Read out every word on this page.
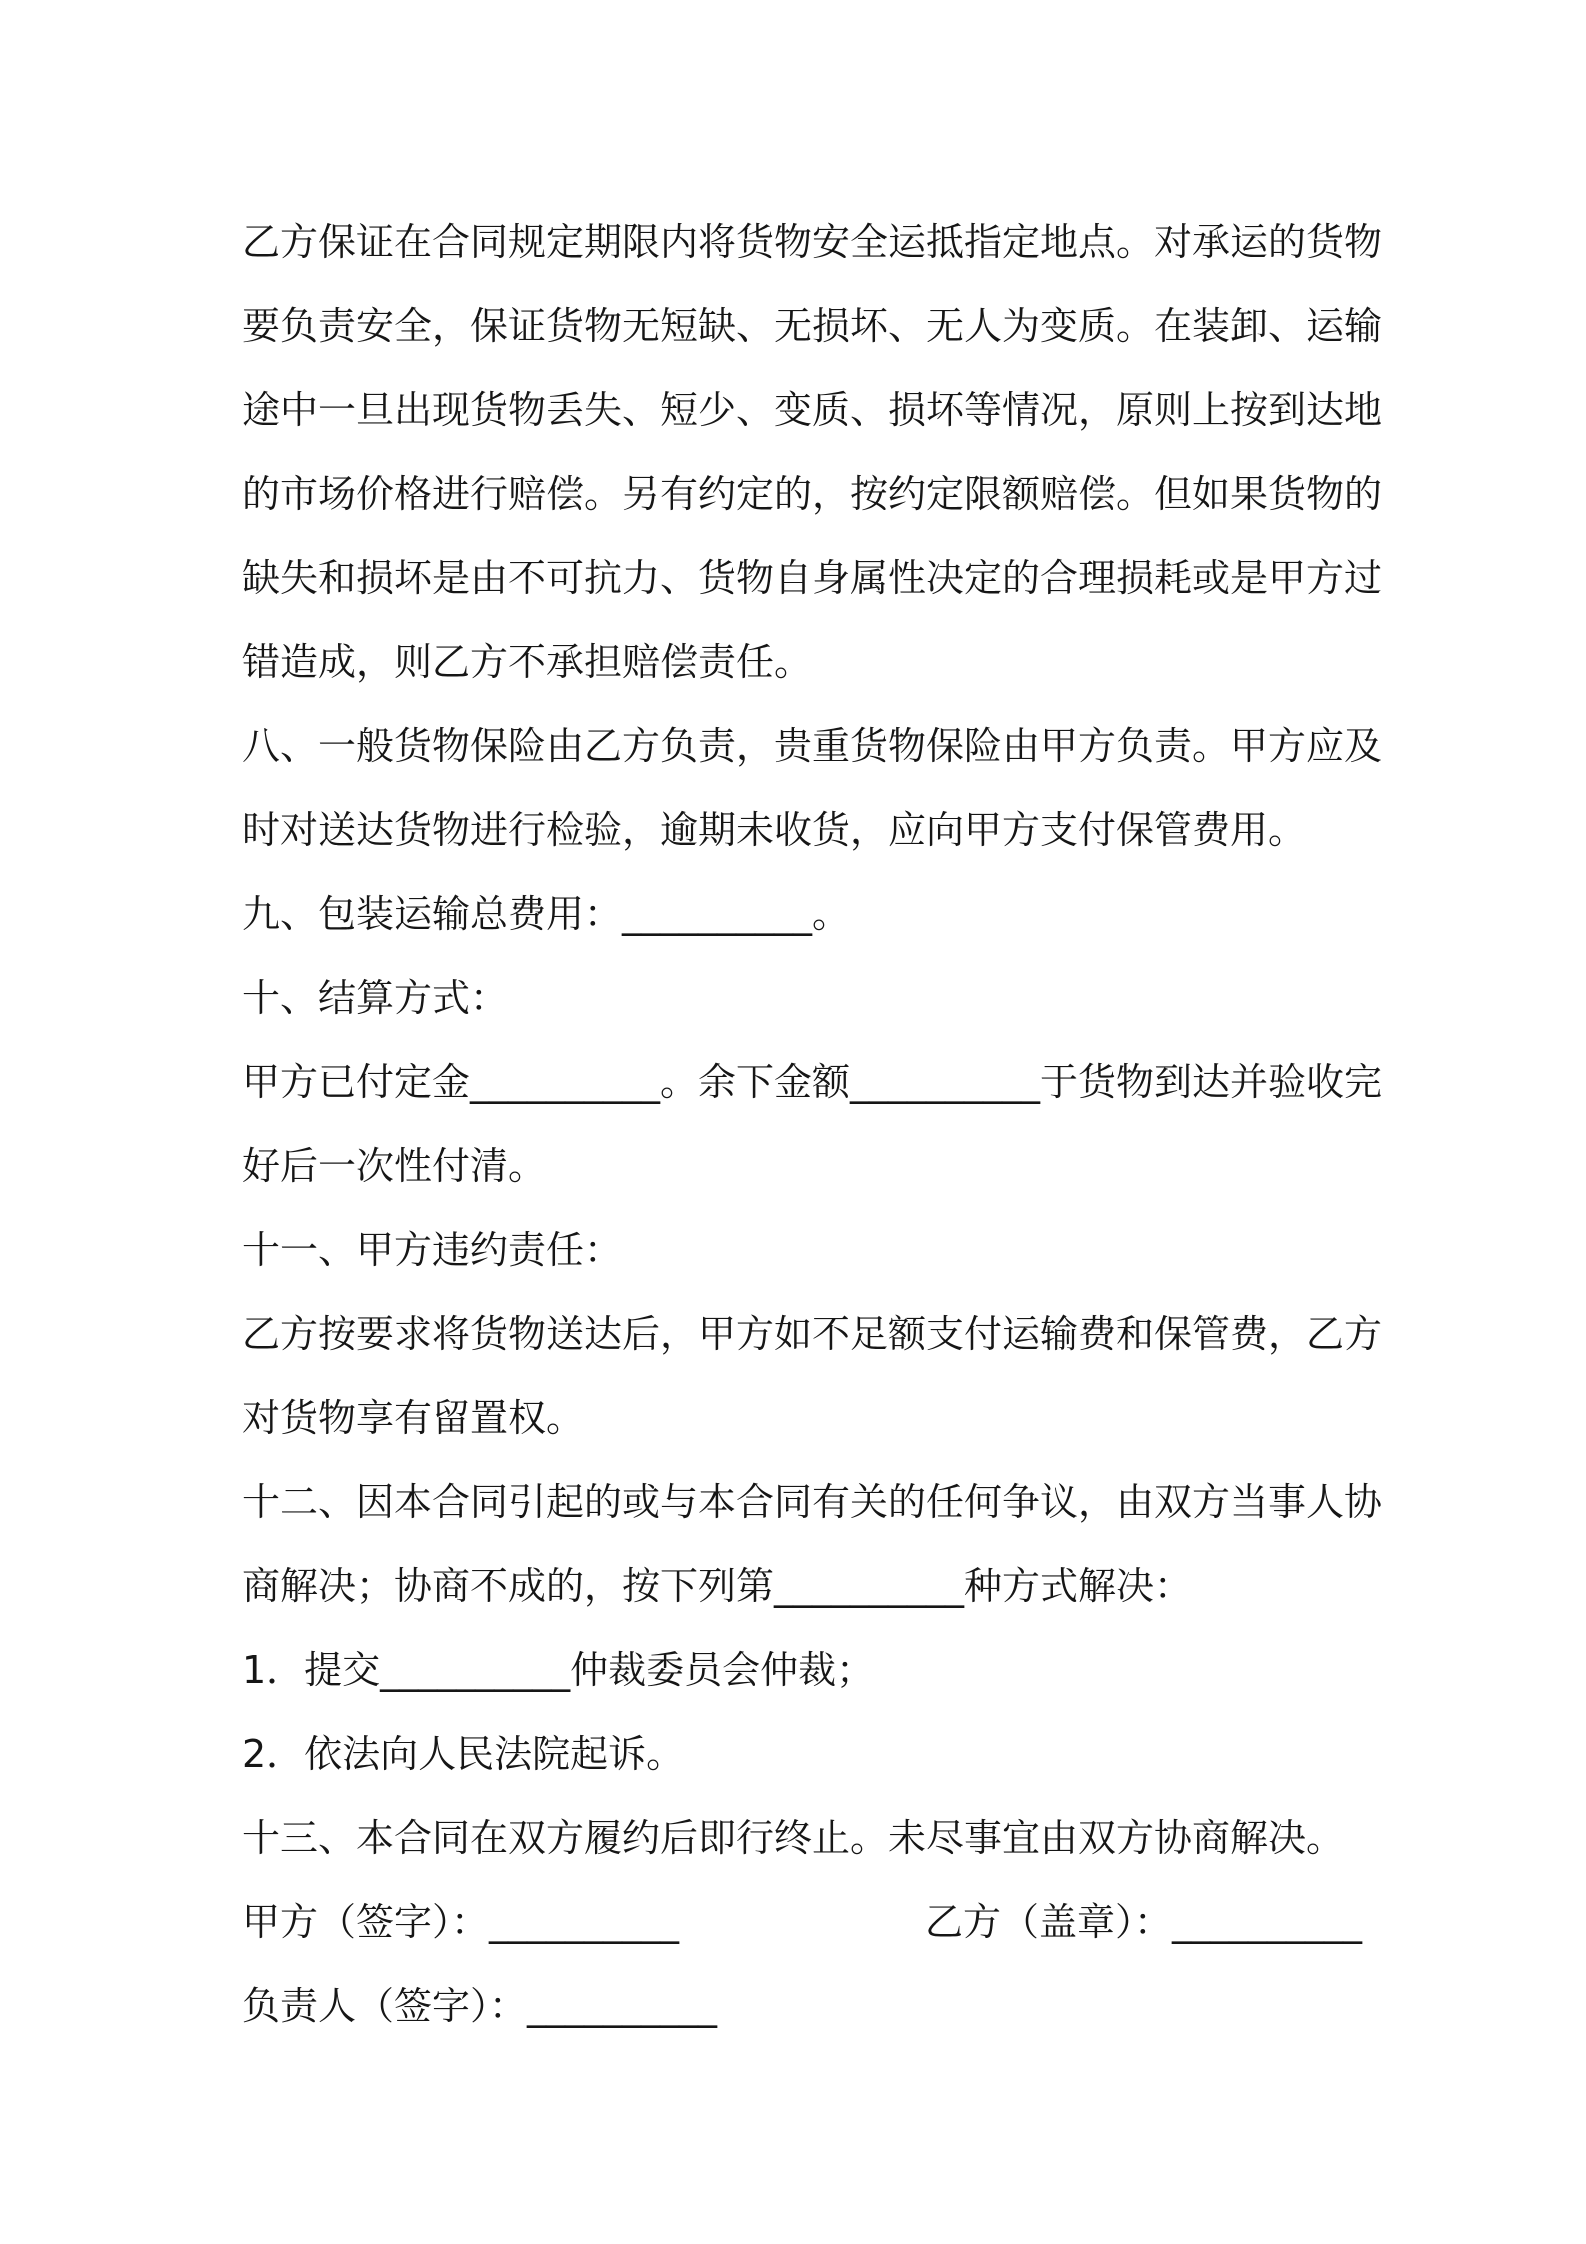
乙方保证在合同规定期限内将货物安全运抵指定地点。对承运的货物
要负责安全，保证货物无短缺、无损坏、无人为变质。在装卸、运输
途中一旦出现货物丢失、短少、变质、损坏等情况，原则上按到达地
的市场价格进行赔偿。另有约定的，按约定限额赔偿。但如果货物的
缺失和损坏是由不可抗力、货物自身属性决定的合理损耗或是甲方过
错造成，则乙方不承担赔偿责任。
八、一般货物保险由乙方负责，贵重货物保险由甲方负责。甲方应及
时对送达货物进行检验，逾期未收货，应向甲方支付保管费用。
九、包装运输总费用：__________。
十、结算方式：
甲方已付定金__________。余下金额__________于货物到达并验收完
好后一次性付清。
十一、甲方违约责任：
乙方按要求将货物送达后，甲方如不足额支付运输费和保管费，乙方
对货物享有留置权。
十二、因本合同引起的或与本合同有关的任何争议，由双方当事人协
商解决；协商不成的，按下列第__________种方式解决：
1．提交__________仲裁委员会仲裁；
2．依法向人民法院起诉。
十三、本合同在双方履约后即行终止。未尽事宜由双方协商解决。
甲方（签字）：__________	乙方（盖章）：__________
负责人（签字）：__________
